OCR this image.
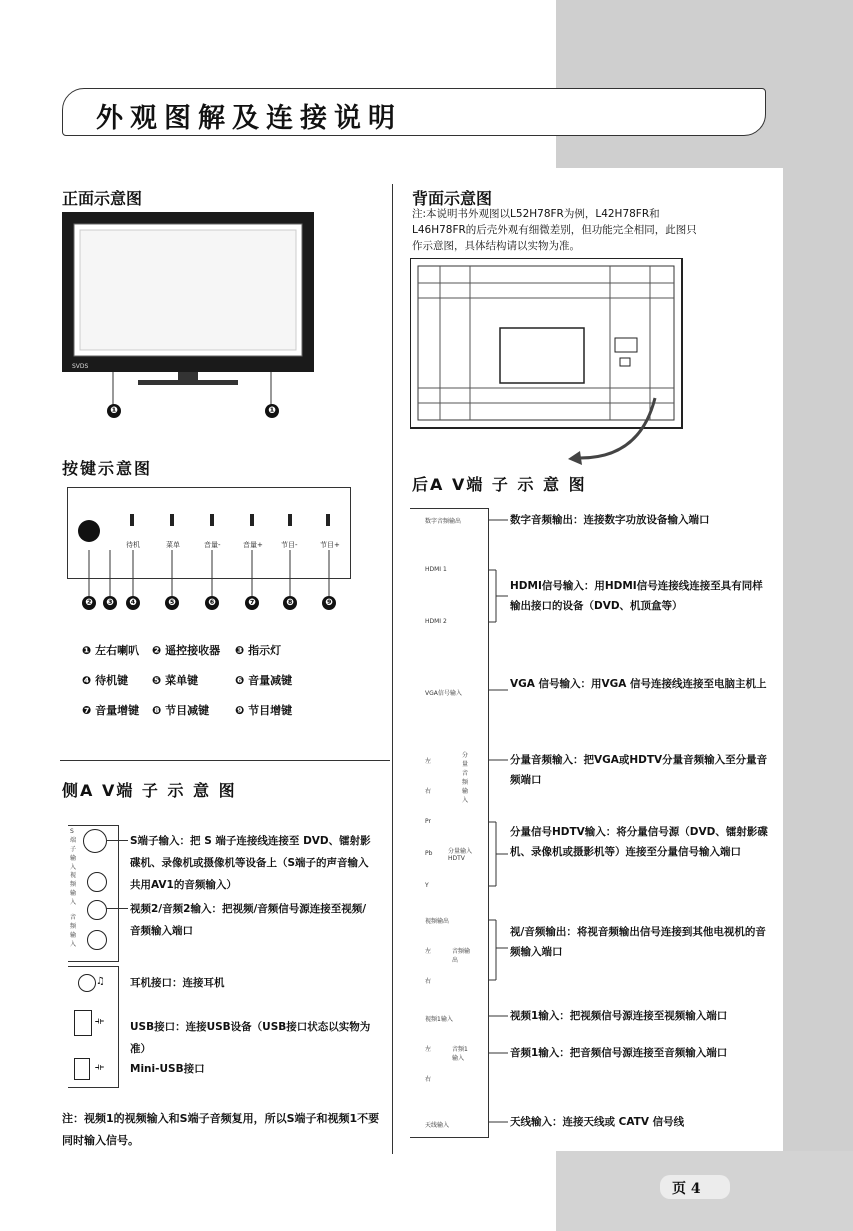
外观图解及连接说明
正面示意图
SVDS
❶	❶
按键示意图
待机	菜单	音量-	音量+	节目-	节目+
❷	❸	❹	❺	❻	❼	❽	❾
❶ 左右喇叭 ❷ 遥控接收器 ❸ 指示灯
❹ 待机键 ❺ 菜单键	❻ 音量减键
❼ 音量增键 ❽ 节目减键 ❾ 节目增键
侧A V端 子 示 意 图
S端子输入
视频输入
音频输入
S端子输入：把 S 端子连接线连接至 DVD、镭射影碟机、录像机或摄像机等设备上（S端子的声音输入共用AV1的音频输入）
视频2/音频2输入：把视频/音频信号源连接至视频/音频输入端口
♫
⟛
⟛
耳机接口：连接耳机
USB接口：连接USB设备（USB接口状态以实物为准）
Mini-USB接口
注：视频1的视频输入和S端子音频复用，所以S端子和视频1不要同时输入信号。
背面示意图
注:本说明书外观图以L52H78FR为例，L42H78FR和L46H78FR的后壳外观有细微差别，但功能完全相同，此图只作示意图，具体结构请以实物为准。
后A V端 子 示 意 图
数字音频输出
HDMI 1
HDMI 2
VGA信号输入
左
右
分量音频输入
Pr
Pb
Y
分量输入 HDTV
视频输出
左
右
音频输出
视频1输入
左
右
音频1输入
天线输入
数字音频输出：连接数字功放设备输入端口
HDMI信号输入：用HDMI信号连接线连接至具有同样输出接口的设备（DVD、机顶盒等）
VGA 信号输入：用VGA 信号连接线连接至电脑主机上
分量音频输入：把VGA或HDTV分量音频输入至分量音频端口
分量信号HDTV输入：将分量信号源（DVD、镭射影碟机、录像机或摄影机等）连接至分量信号输入端口
视/音频输出：将视音频输出信号连接到其他电视机的音频输入端口
视频1输入：把视频信号源连接至视频输入端口
音频1输入：把音频信号源连接至音频输入端口
天线输入：连接天线或 CATV 信号线
页 4
